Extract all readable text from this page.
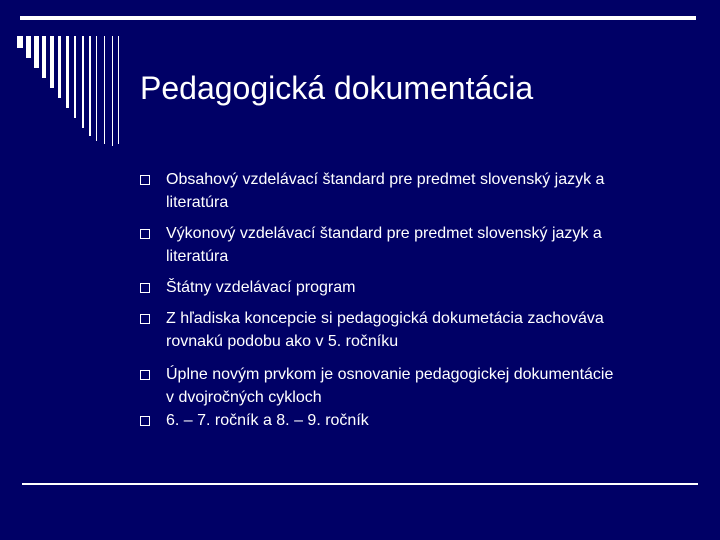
Pedagogická dokumentácia
Obsahový vzdelávací štandard pre predmet slovenský jazyk a
literatúra
Výkonový vzdelávací štandard pre predmet slovenský jazyk a
literatúra
Štátny vzdelávací program
Z hľadiska koncepcie si pedagogická dokumetácia zachováva
rovnakú podobu ako v 5. ročníku
Úplne novým prvkom je osnovanie pedagogickej dokumentácie
v dvojročných cykloch
6. – 7. ročník a 8. – 9. ročník
